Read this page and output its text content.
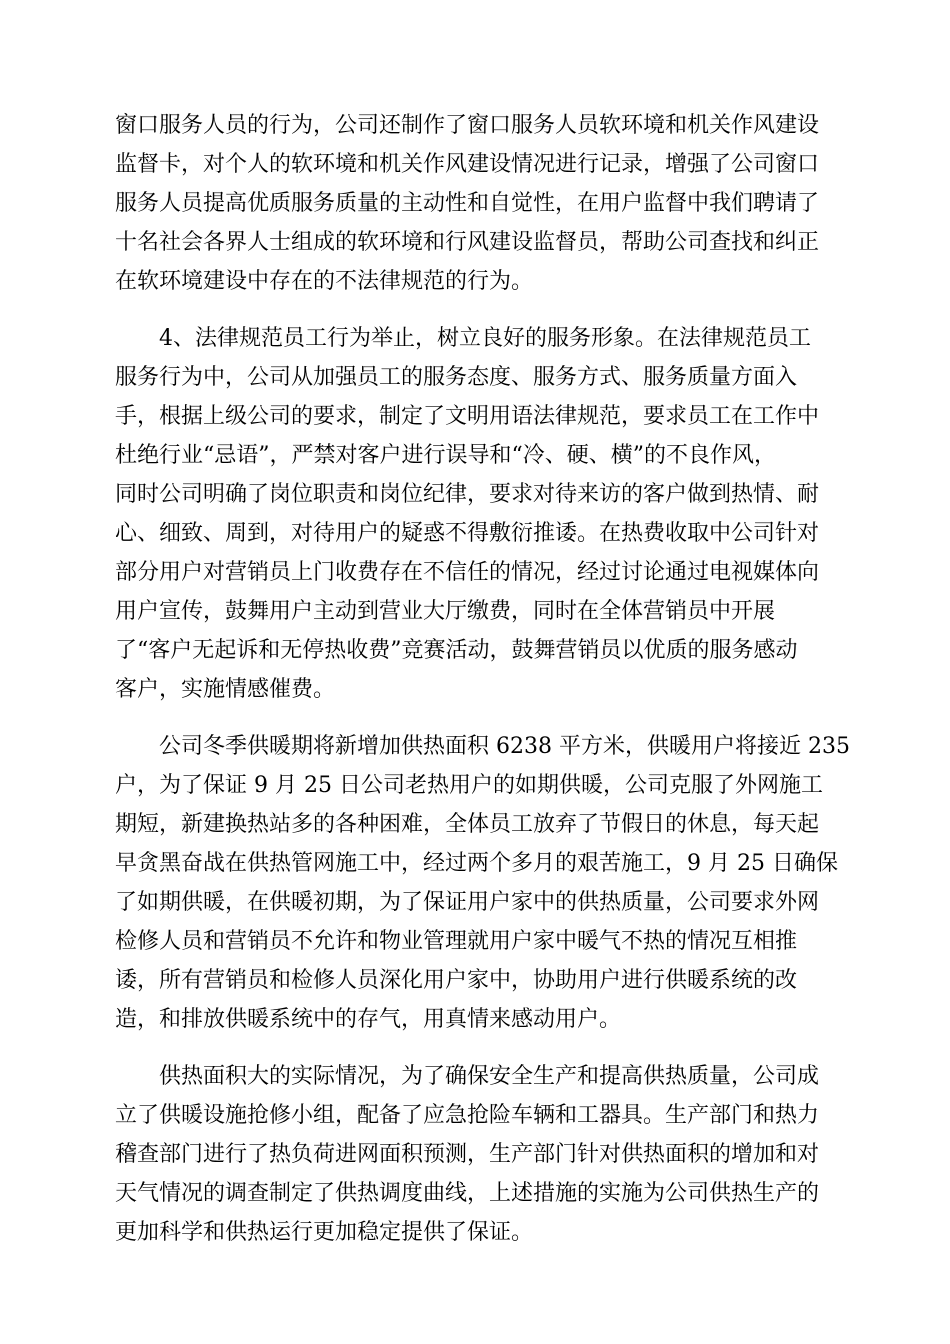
窗口服务人员的行为，公司还制作了窗口服务人员软环境和机关作风建设
监督卡，对个人的软环境和机关作风建设情况进行记录，增强了公司窗口
服务人员提高优质服务质量的主动性和自觉性，在用户监督中我们聘请了
十名社会各界人士组成的软环境和行风建设监督员，帮助公司查找和纠正
在软环境建设中存在的不法律规范的行为。

4、法律规范员工行为举止，树立良好的服务形象。在法律规范员工
服务行为中，公司从加强员工的服务态度、服务方式、服务质量方面入
手，根据上级公司的要求，制定了文明用语法律规范，要求员工在工作中
杜绝行业“忌语”，严禁对客户进行误导和“冷、硬、横”的不良作风，
同时公司明确了岗位职责和岗位纪律，要求对待来访的客户做到热情、耐
心、细致、周到，对待用户的疑惑不得敷衍推诿。在热费收取中公司针对
部分用户对营销员上门收费存在不信任的情况，经过讨论通过电视媒体向
用户宣传，鼓舞用户主动到营业大厅缴费，同时在全体营销员中开展
了“客户无起诉和无停热收费”竞赛活动，鼓舞营销员以优质的服务感动
客户，实施情感催费。

公司冬季供暖期将新增加供热面积 6238 平方米，供暖用户将接近 235
户，为了保证 9 月 25 日公司老热用户的如期供暖，公司克服了外网施工
期短，新建换热站多的各种困难，全体员工放弃了节假日的休息，每天起
早贪黑奋战在供热管网施工中，经过两个多月的艰苦施工，9 月 25 日确保
了如期供暖，在供暖初期，为了保证用户家中的供热质量，公司要求外网
检修人员和营销员不允许和物业管理就用户家中暖气不热的情况互相推
诿，所有营销员和检修人员深化用户家中，协助用户进行供暖系统的改
造，和排放供暖系统中的存气，用真情来感动用户。

供热面积大的实际情况，为了确保安全生产和提高供热质量，公司成
立了供暖设施抢修小组，配备了应急抢险车辆和工器具。生产部门和热力
稽查部门进行了热负荷进网面积预测，生产部门针对供热面积的增加和对
天气情况的调查制定了供热调度曲线，上述措施的实施为公司供热生产的
更加科学和供热运行更加稳定提供了保证。
